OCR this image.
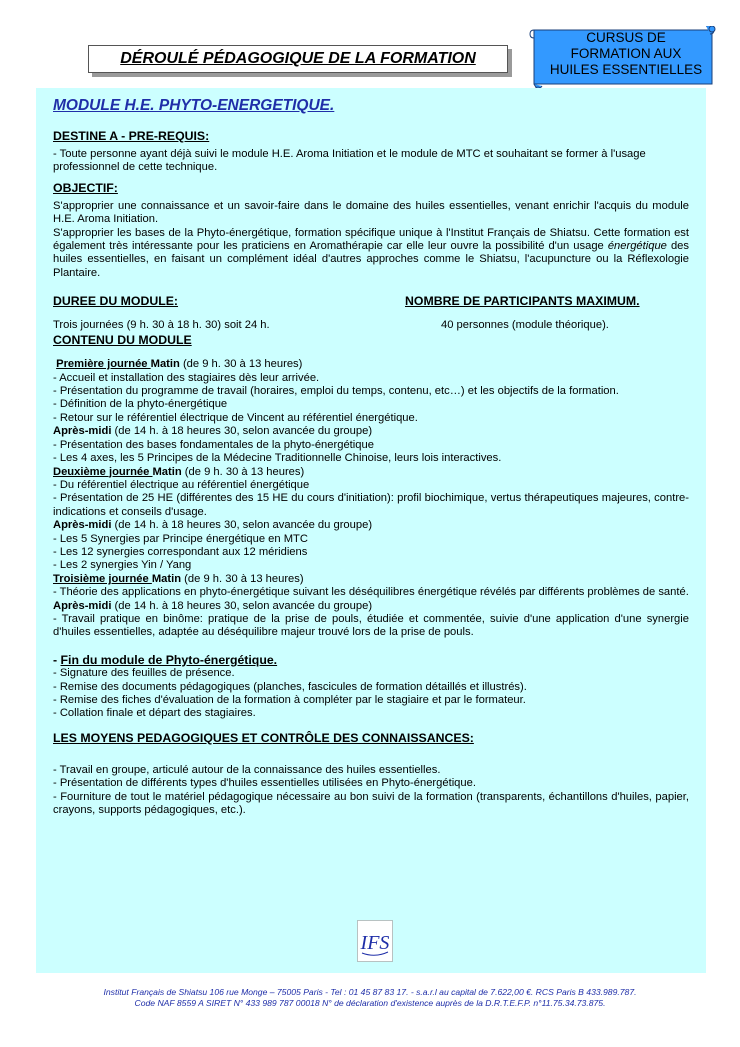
DÉROULÉ PÉDAGOGIQUE DE LA FORMATION
CURSUS DE
FORMATION AUX
HUILES ESSENTIELLES
MODULE H.E. PHYTO-ENERGETIQUE.
DESTINE A - PRE-REQUIS:

- Toute personne ayant déjà suivi le module H.E. Aroma Initiation et le module de MTC et souhaitant se former à l'usage professionnel de cette technique.

OBJECTIF:

S'approprier une connaissance et un savoir-faire dans le domaine des huiles essentielles, venant enrichir l'acquis du module H.E. Aroma Initiation.

S'approprier les bases de la Phyto-énergétique, formation spécifique unique à l'Institut Français de Shiatsu. Cette formation est également très intéressante pour les praticiens en Aromathérapie car elle leur ouvre la possibilité d'un usage énergétique des huiles essentielles, en faisant un complément idéal d'autres approches comme le Shiatsu, l'acupuncture ou la Réflexologie Plantaire.

DUREE DU MODULE:	NOMBRE DE PARTICIPANTS MAXIMUM.
Trois journées (9 h. 30 à 18 h. 30) soit 24 h.	40 personnes (module théorique).
CONTENU DU MODULE

Première journée Matin (de 9 h. 30 à 13 heures)

- Accueil et installation des stagiaires dès leur arrivée.

- Présentation du programme de travail (horaires, emploi du temps, contenu, etc…) et les objectifs de la formation.

- Définition de la phyto-énergétique

- Retour sur le référentiel électrique de Vincent au référentiel énergétique.

Après-midi (de 14 h. à 18 heures 30, selon avancée du groupe)

- Présentation des bases fondamentales de la phyto-énergétique

- Les 4 axes, les 5 Principes de la Médecine Traditionnelle Chinoise, leurs lois interactives.

Deuxième journée Matin (de 9 h. 30 à 13 heures)

- Du référentiel électrique au référentiel énergétique

- Présentation de 25 HE (différentes des 15 HE du cours d'initiation): profil biochimique, vertus thérapeutiques majeures, contre-indications et conseils d'usage.

Après-midi (de 14 h. à 18 heures 30, selon avancée du groupe)

- Les 5 Synergies par Principe énergétique en MTC

- Les 12 synergies correspondant aux 12 méridiens

- Les 2 synergies Yin / Yang

Troisième journée Matin (de 9 h. 30 à 13 heures)

- Théorie des applications en phyto-énergétique suivant les déséquilibres énergétique révélés par différents problèmes de santé.

Après-midi (de 14 h. à 18 heures 30, selon avancée du groupe)

- Travail pratique en binôme: pratique de la prise de pouls, étudiée et commentée, suivie d'une application d'une synergie d'huiles essentielles, adaptée au déséquilibre majeur trouvé lors de la prise de pouls.

- Fin du module de Phyto-énergétique.

- Signature des feuilles de présence.

- Remise des documents pédagogiques (planches, fascicules de formation détaillés et illustrés).

- Remise des fiches d'évaluation de la formation à compléter par le stagiaire et par le formateur.

- Collation finale et départ des stagiaires.

LES MOYENS PEDAGOGIQUES ET CONTRÔLE DES CONNAISSANCES:

- Travail en groupe, articulé autour de la connaissance des huiles essentielles.

- Présentation de différents types d'huiles essentielles utilisées en Phyto-énergétique.

- Fourniture de tout le matériel pédagogique nécessaire au bon suivi de la formation (transparents, échantillons d'huiles, papier, crayons, supports pédagogiques, etc.).

IFS
Institut Français de Shiatsu 106 rue Monge – 75005 Paris - Tel : 01 45 87 83 17. - s.a.r.l au capital de 7.622,00 €. RCS Paris B 433.989.787.
Code NAF 8559 A SIRET N° 433 989 787 00018 N° de déclaration d'existence auprès de la D.R.T.E.F.P. n°11.75.34.73.875.
